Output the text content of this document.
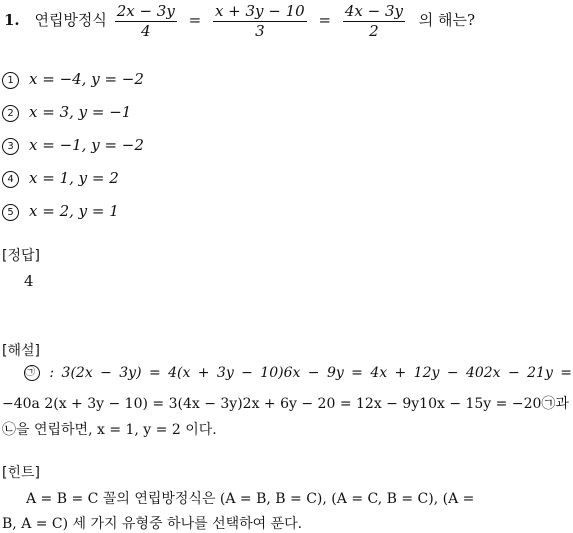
1. 연립방정식 $\frac{2x - 3y}{4} = \frac{x + 3y - 10}{3} = \frac{4x - 3y}{2}$ 의 해는?
1 x = −4, y = −2
2 x = 3, y = −1
3 x = −1, y = −2
4 x = 1, y = 2
5 x = 2, y = 1
[정답]
4
[해설]
㉠ : 3(2x − 3y) = 4(x + 3y − 10)6x − 9y = 4x + 12y − 402x − 21y =
−40a 2(x + 3y − 10) = 3(4x − 3y)2x + 6y − 20 = 12x − 9y10x − 15y = −20㉠과
㉡을 연립하면, x = 1, y = 2 이다.
[힌트]
A = B = C 꼴의 연립방정식은 (A = B, B = C), (A = C, B = C), (A =
B, A = C) 세 가지 유형중 하나를 선택하여 푼다.
